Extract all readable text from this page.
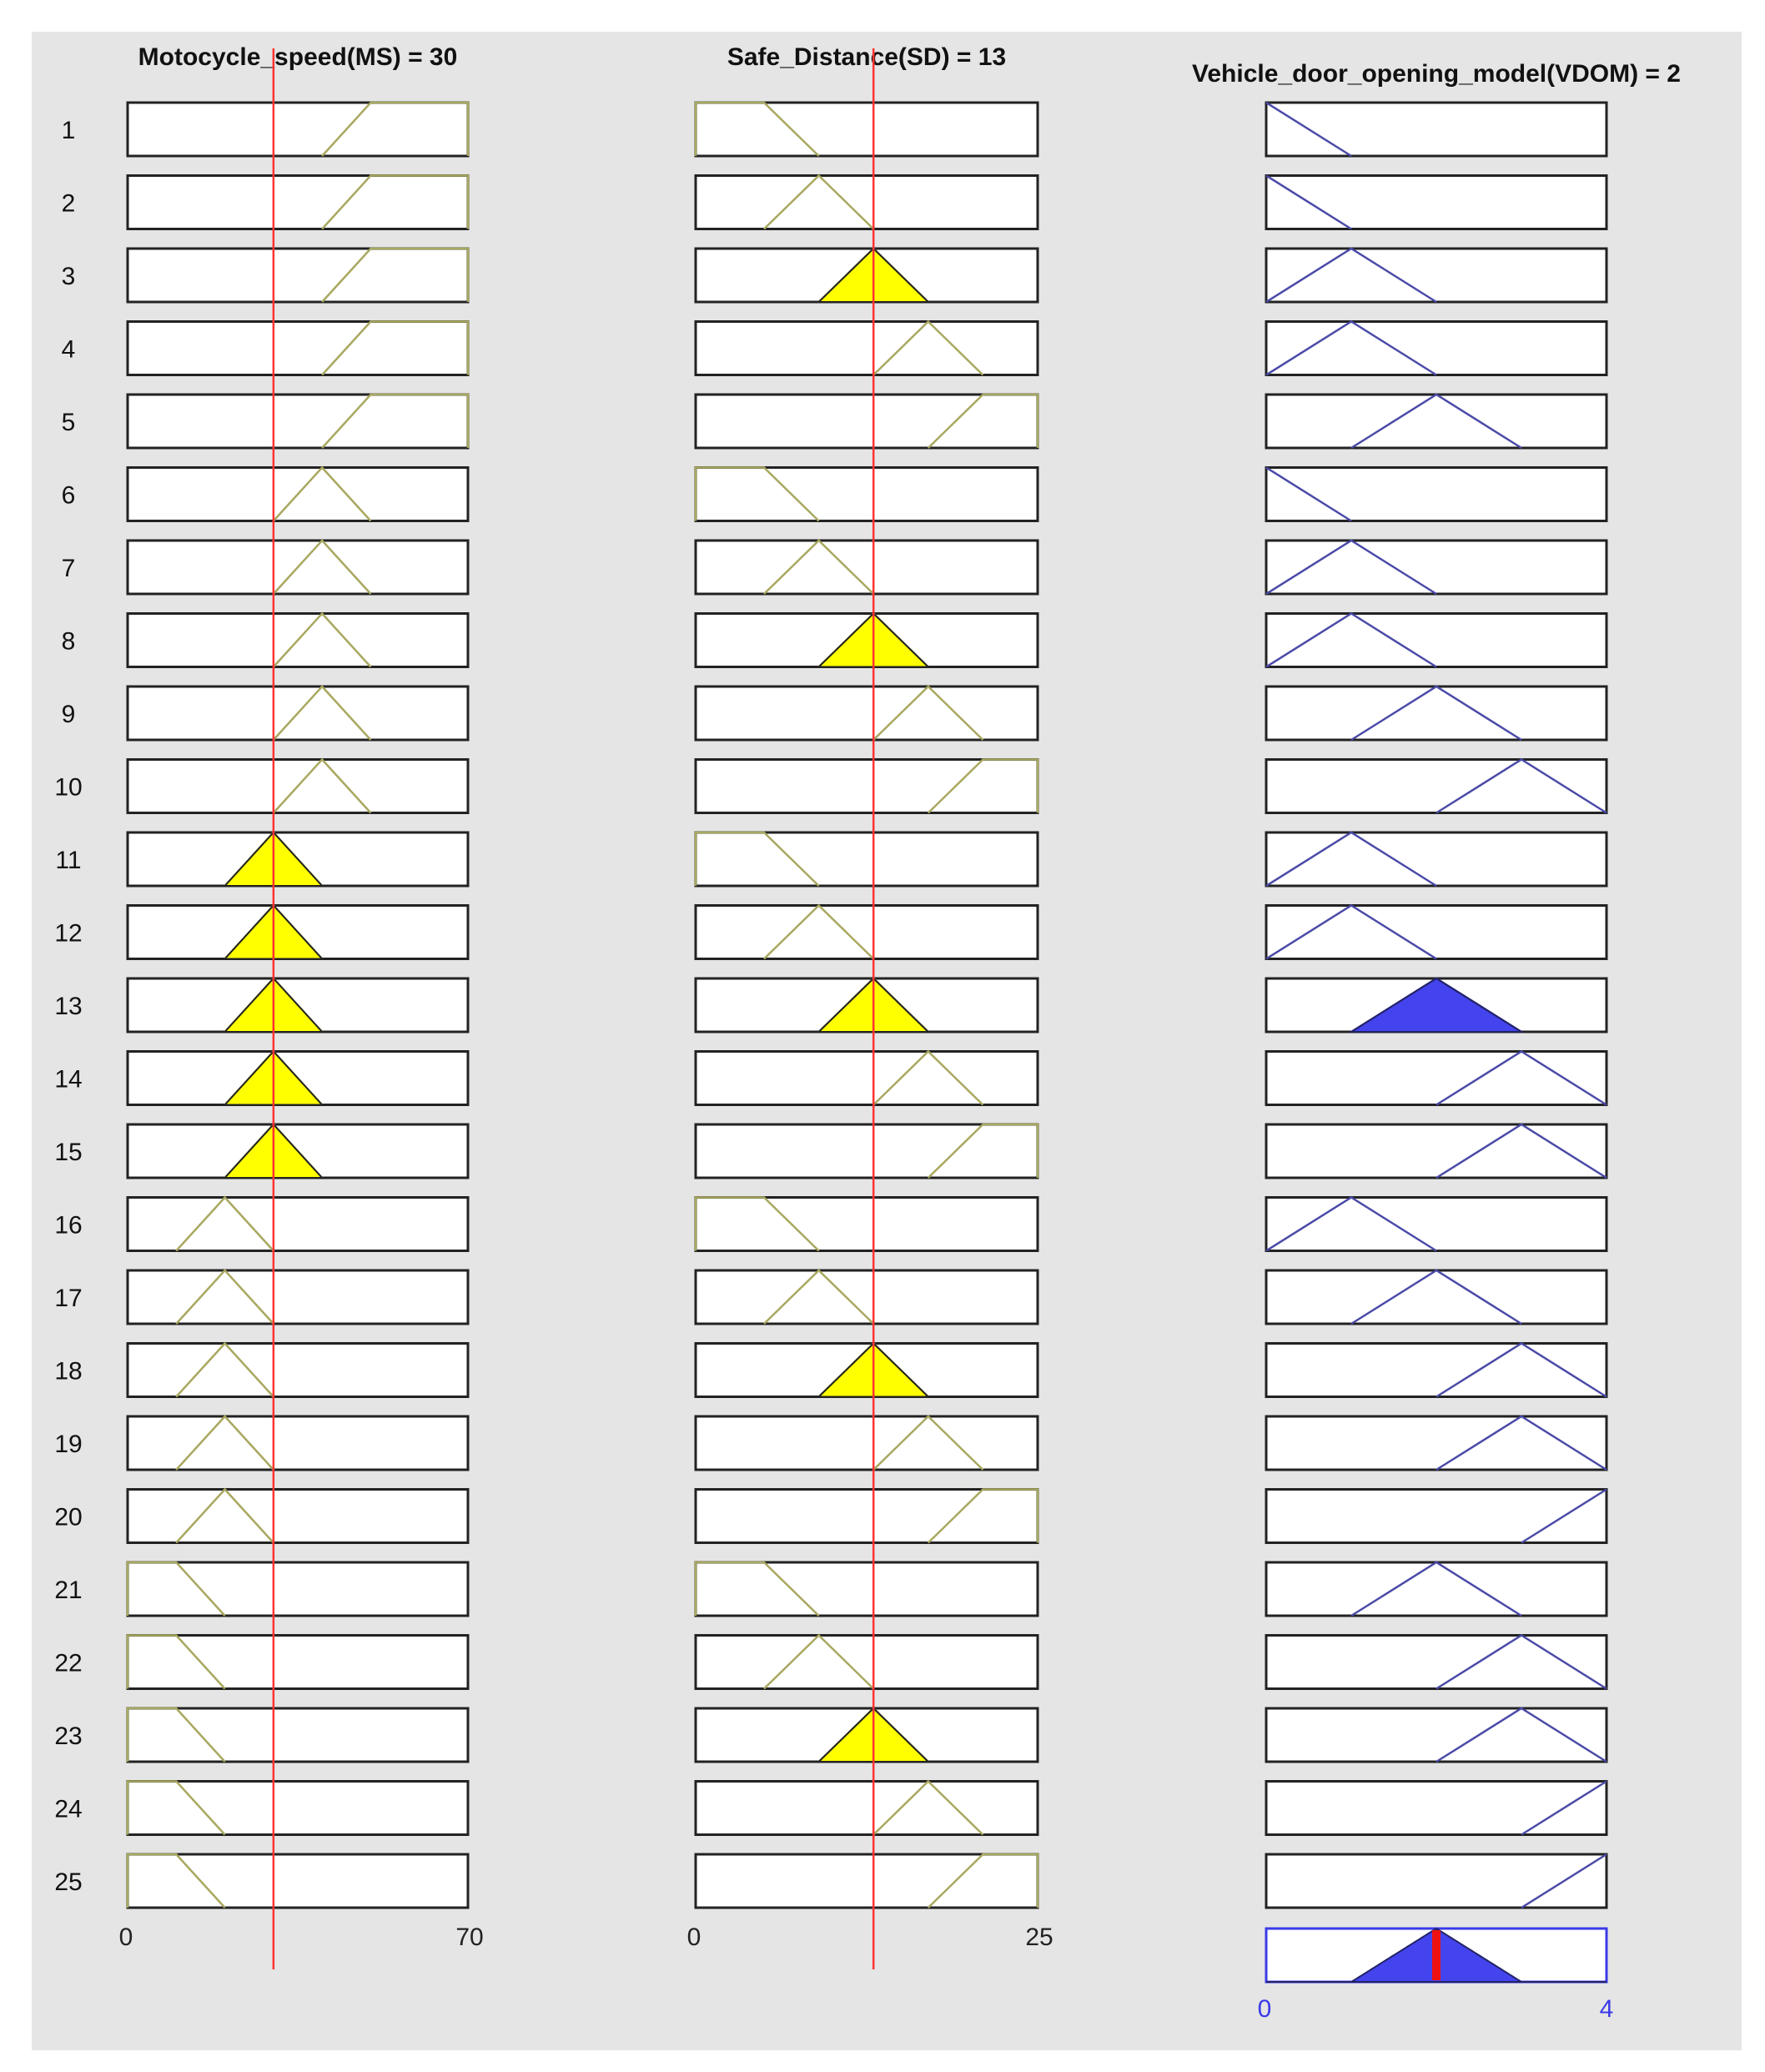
Motocycle_speed(MS) = 30	Safe_Distance(SD) = 13
Vehicle_door_opening_model(VDOM) = 2
1
2
3
4
5
6
7
8
9
10
11
12
13
14
15
16
17
18
19
20
21
22
23
24
25
0	70	0	25
0	4
